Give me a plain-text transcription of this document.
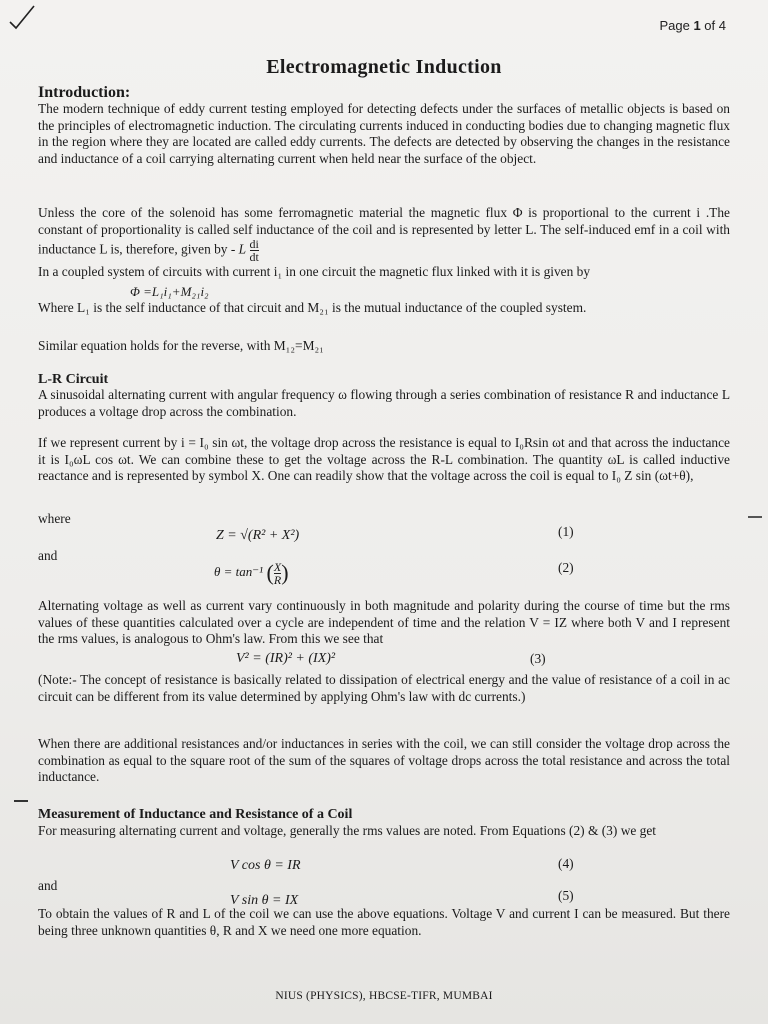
Page 1 of 4
Electromagnetic Induction
Introduction:
The modern technique of eddy current testing employed for detecting defects under the surfaces of metallic objects is based on the principles of electromagnetic induction. The circulating currents induced in conducting bodies due to changing magnetic flux in the region where they are located are called eddy currents. The defects are detected by observing the changes in the resistance and inductance of a coil carrying alternating current when held near the surface of the object.
Unless the core of the solenoid has some ferromagnetic material the magnetic flux Φ is proportional to the current i .The constant of proportionality is called self inductance of the coil and is represented by letter L. The self-induced emf in a coil with inductance L is, therefore, given by - L $\frac{di}{dt}$
In a coupled system of circuits with current i₁ in one circuit the magnetic flux linked with it is given by
Φ =L₁i₁+M₂₁i₂
Where L₁ is the self inductance of that circuit and M₂₁ is the mutual inductance of the coupled system.
Similar equation holds for the reverse, with M₁₂=M₂₁
L-R Circuit
A sinusoidal alternating current with angular frequency ω flowing through a series combination of resistance R and inductance L produces a voltage drop across the combination.
If we represent current by i = I₀ sin ωt, the voltage drop across the resistance is equal to I₀Rsin ωt and that across the inductance it is I₀ωL cos ωt. We can combine these to get the voltage across the R-L combination. The quantity ωL is called inductive reactance and is represented by symbol X. One can readily show that the voltage across the coil is equal to I₀ Z sin (ωt+θ),
where
Z = √(R² + X²)	(1)
and
θ = tan⁻¹ ( $\frac{X}{R}$ )	(2)
Alternating voltage as well as current vary continuously in both magnitude and polarity during the course of time but the rms values of these quantities calculated over a cycle are independent of time and the relation V = IZ where both V and I represent the rms values, is analogous to Ohm's law. From this we see that
V² = (IR)² + (IX)²	(3)
(Note:- The concept of resistance is basically related to dissipation of electrical energy and the value of resistance of a coil in ac circuit can be different from its value determined by applying Ohm's law with dc currents.)
When there are additional resistances and/or inductances in series with the coil, we can still consider the voltage drop across the combination as equal to the square root of the sum of the squares of voltage drops across the total resistance and across the total inductance.
Measurement of Inductance and Resistance of a Coil
For measuring alternating current and voltage, generally the rms values are noted. From Equations (2) & (3) we get
V cos θ = IR	(4)
and
V sin θ = IX	(5)
To obtain the values of R and L of the coil we can use the above equations. Voltage V and current I can be measured. But there being three unknown quantities θ, R and X we need one more equation.
NIUS (PHYSICS), HBCSE-TIFR, MUMBAI
